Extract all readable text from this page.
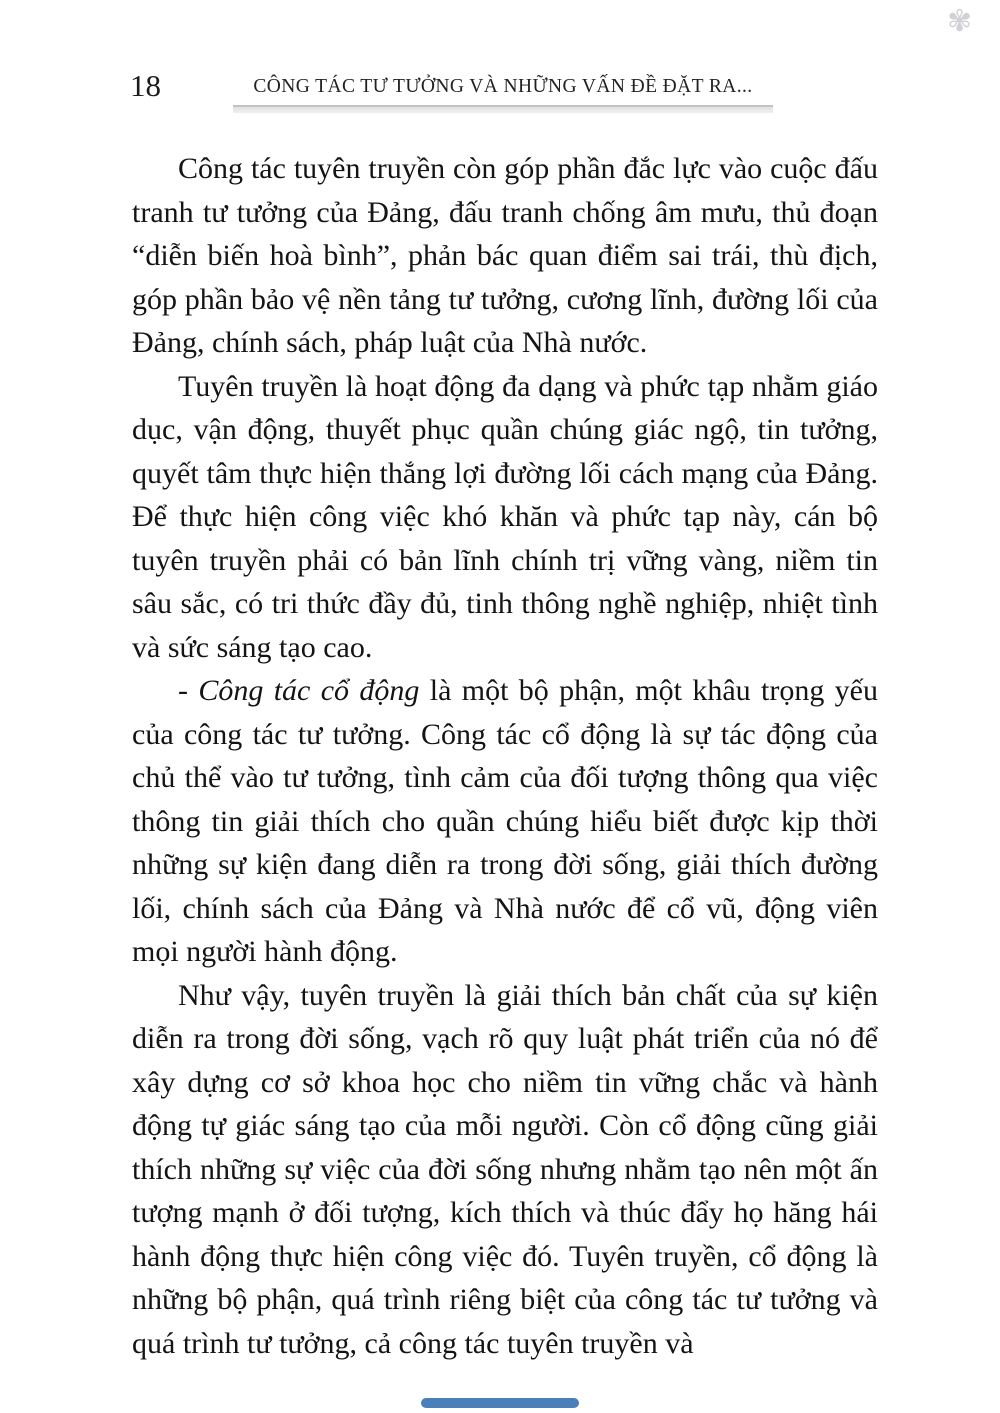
18	CÔNG TÁC TƯ TƯỞNG VÀ NHỮNG VẤN ĐỀ ĐẶT RA...
✾

Công tác tuyên truyền còn góp phần đắc lực vào cuộc đấu tranh tư tưởng của Đảng, đấu tranh chống âm mưu, thủ đoạn “diễn biến hoà bình”, phản bác quan điểm sai trái, thù địch, góp phần bảo vệ nền tảng tư tưởng, cương lĩnh, đường lối của Đảng, chính sách, pháp luật của Nhà nước.

Tuyên truyền là hoạt động đa dạng và phức tạp nhằm giáo dục, vận động, thuyết phục quần chúng giác ngộ, tin tưởng, quyết tâm thực hiện thắng lợi đường lối cách mạng của Đảng. Để thực hiện công việc khó khăn và phức tạp này, cán bộ tuyên truyền phải có bản lĩnh chính trị vững vàng, niềm tin sâu sắc, có tri thức đầy đủ, tinh thông nghề nghiệp, nhiệt tình và sức sáng tạo cao.

- Công tác cổ động là một bộ phận, một khâu trọng yếu của công tác tư tưởng. Công tác cổ động là sự tác động của chủ thể vào tư tưởng, tình cảm của đối tượng thông qua việc thông tin giải thích cho quần chúng hiểu biết được kịp thời những sự kiện đang diễn ra trong đời sống, giải thích đường lối, chính sách của Đảng và Nhà nước để cổ vũ, động viên mọi người hành động.

Như vậy, tuyên truyền là giải thích bản chất của sự kiện diễn ra trong đời sống, vạch rõ quy luật phát triển của nó để xây dựng cơ sở khoa học cho niềm tin vững chắc và hành động tự giác sáng tạo của mỗi người. Còn cổ động cũng giải thích những sự việc của đời sống nhưng nhằm tạo nên một ấn tượng mạnh ở đối tượng, kích thích và thúc đẩy họ hăng hái hành động thực hiện công việc đó. Tuyên truyền, cổ động là những bộ phận, quá trình riêng biệt của công tác tư tưởng và quá trình tư tưởng, cả công tác tuyên truyền và
